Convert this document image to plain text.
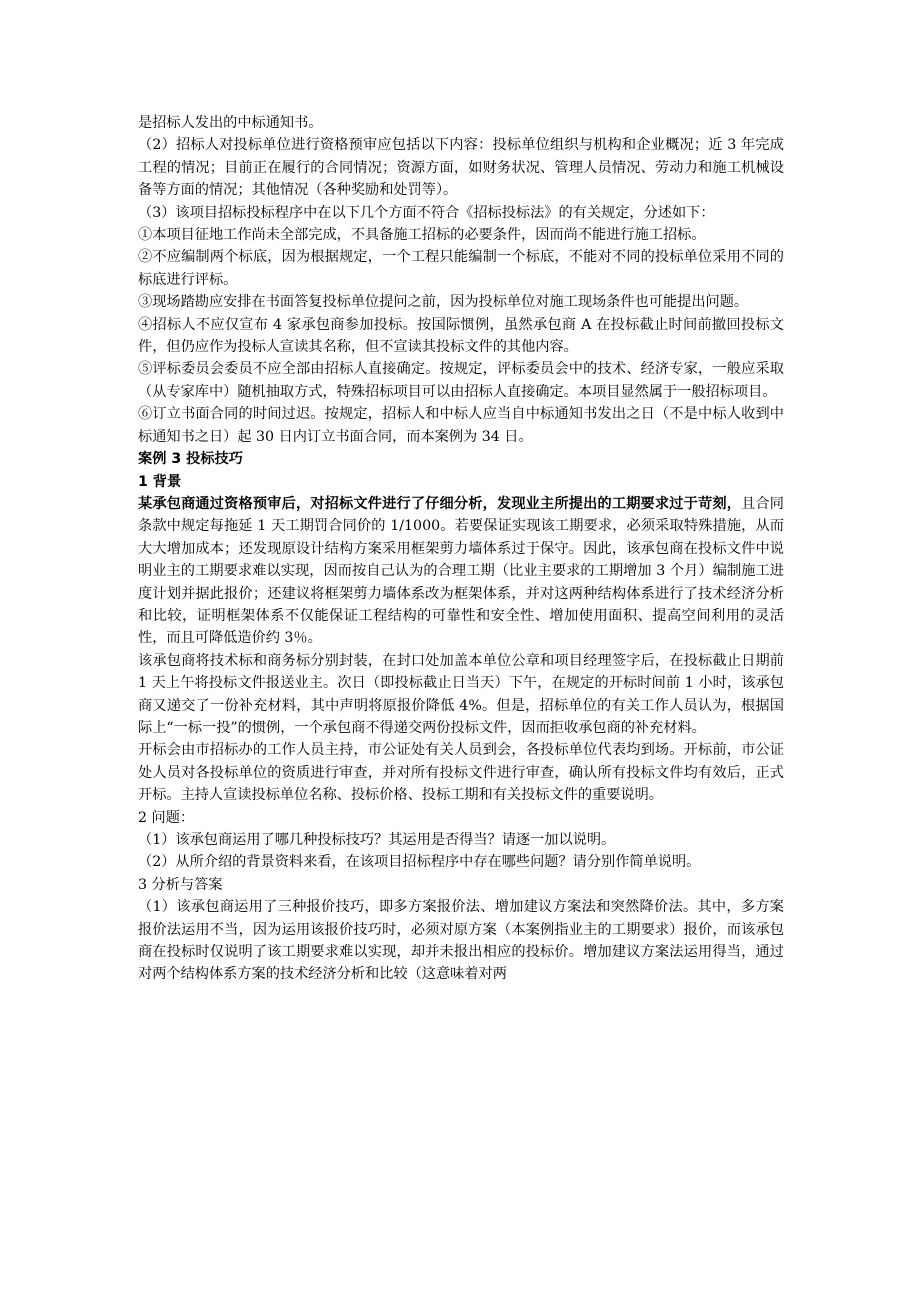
是招标人发出的中标通知书。

（2）招标人对投标单位进行资格预审应包括以下内容：投标单位组织与机构和企业概况；近 3 年完成工程的情况；目前正在履行的合同情况；资源方面，如财务状况、管理人员情况、劳动力和施工机械设备等方面的情况；其他情况（各种奖励和处罚等）。

（3）该项目招标投标程序中在以下几个方面不符合《招标投标法》的有关规定，分述如下：

①本项目征地工作尚未全部完成，不具备施工招标的必要条件，因而尚不能进行施工招标。

②不应编制两个标底，因为根据规定，一个工程只能编制一个标底，不能对不同的投标单位采用不同的标底进行评标。

③现场踏勘应安排在书面答复投标单位提问之前，因为投标单位对施工现场条件也可能提出问题。

④招标人不应仅宣布 4 家承包商参加投标。按国际惯例，虽然承包商 A 在投标截止时间前撤回投标文件，但仍应作为投标人宣读其名称，但不宣读其投标文件的其他内容。

⑤评标委员会委员不应全部由招标人直接确定。按规定，评标委员会中的技术、经济专家，一般应采取（从专家库中）随机抽取方式，特殊招标项目可以由招标人直接确定。本项目显然属于一般招标项目。

⑥订立书面合同的时间过迟。按规定，招标人和中标人应当自中标通知书发出之日（不是中标人收到中标通知书之日）起 30 日内订立书面合同，而本案例为 34 日。

案例 3 投标技巧

1 背景

某承包商通过资格预审后，对招标文件进行了仔细分析，发现业主所提出的工期要求过于苛刻，且合同条款中规定每拖延 1 天工期罚合同价的 1/1000。若要保证实现该工期要求，必须采取特殊措施，从而大大增加成本；还发现原设计结构方案采用框架剪力墙体系过于保守。因此，该承包商在投标文件中说明业主的工期要求难以实现，因而按自己认为的合理工期（比业主要求的工期增加 3 个月）编制施工进度计划并据此报价；还建议将框架剪力墙体系改为框架体系，并对这两种结构体系进行了技术经济分析和比较，证明框架体系不仅能保证工程结构的可靠性和安全性、增加使用面积、提高空间利用的灵活性，而且可降低造价约 3％。

该承包商将技术标和商务标分别封装，在封口处加盖本单位公章和项目经理签字后，在投标截止日期前 1 天上午将投标文件报送业主。次日（即投标截止日当天）下午，在规定的开标时间前 1 小时，该承包商又递交了一份补充材料，其中声明将原报价降低 4%。但是，招标单位的有关工作人员认为，根据国际上“一标一投”的惯例，一个承包商不得递交两份投标文件，因而拒收承包商的补充材料。

开标会由市招标办的工作人员主持，市公证处有关人员到会，各投标单位代表均到场。开标前，市公证处人员对各投标单位的资质进行审查，并对所有投标文件进行审查，确认所有投标文件均有效后，正式开标。主持人宣读投标单位名称、投标价格、投标工期和有关投标文件的重要说明。

2 问题：

（1）该承包商运用了哪几种投标技巧？其运用是否得当？请逐一加以说明。

（2）从所介绍的背景资料来看，在该项目招标程序中存在哪些问题？请分别作简单说明。

3 分析与答案

（1）该承包商运用了三种报价技巧，即多方案报价法、增加建议方案法和突然降价法。其中，多方案报价法运用不当，因为运用该报价技巧时，必须对原方案（本案例指业主的工期要求）报价，而该承包商在投标时仅说明了该工期要求难以实现，却并未报出相应的投标价。增加建议方案法运用得当，通过对两个结构体系方案的技术经济分析和比较（这意味着对两
